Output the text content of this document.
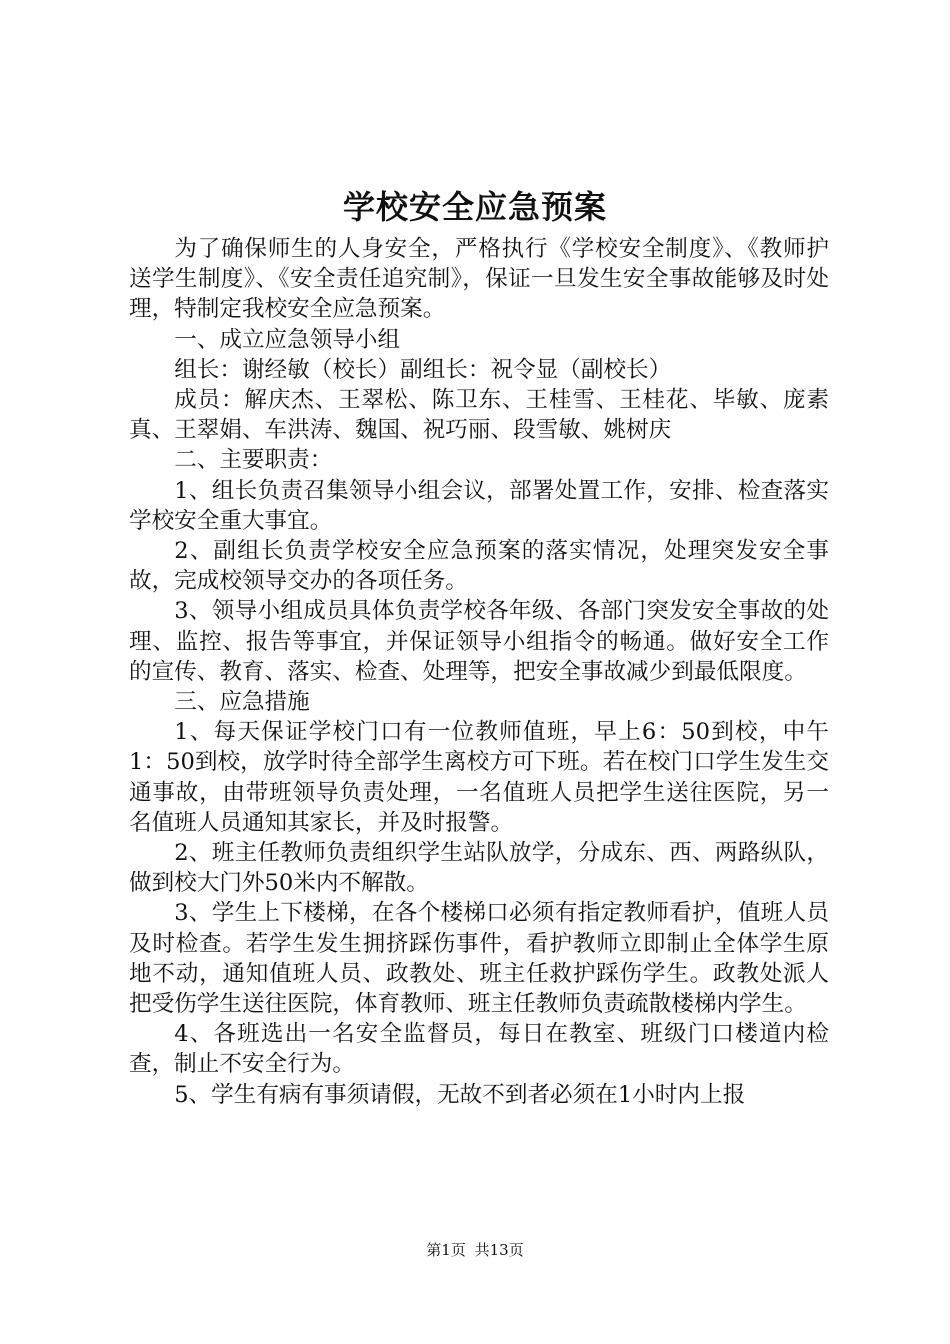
学校安全应急预案

为了确保师生的人身安全，严格执行《学校安全制度》、《教师护送学生制度》、《安全责任追究制》，保证一旦发生安全事故能够及时处理，特制定我校安全应急预案。

一、成立应急领导小组

组长：谢经敏（校长）副组长：祝令显（副校长）

成员：解庆杰、王翠松、陈卫东、王桂雪、王桂花、毕敏、庞素真、王翠娟、车洪涛、魏国、祝巧丽、段雪敏、姚树庆

二、主要职责：

1、组长负责召集领导小组会议，部署处置工作，安排、检查落实学校安全重大事宜。

2、副组长负责学校安全应急预案的落实情况，处理突发安全事故，完成校领导交办的各项任务。

3、领导小组成员具体负责学校各年级、各部门突发安全事故的处理、监控、报告等事宜，并保证领导小组指令的畅通。做好安全工作的宣传、教育、落实、检查、处理等，把安全事故减少到最低限度。

三、应急措施

1、每天保证学校门口有一位教师值班，早上6：50到校，中午1：50到校，放学时待全部学生离校方可下班。若在校门口学生发生交通事故，由带班领导负责处理，一名值班人员把学生送往医院，另一名值班人员通知其家长，并及时报警。

2、班主任教师负责组织学生站队放学，分成东、西、两路纵队，做到校大门外50米内不解散。

3、学生上下楼梯，在各个楼梯口必须有指定教师看护，值班人员及时检查。若学生发生拥挤踩伤事件，看护教师立即制止全体学生原地不动，通知值班人员、政教处、班主任救护踩伤学生。政教处派人把受伤学生送往医院，体育教师、班主任教师负责疏散楼梯内学生。

4、各班选出一名安全监督员，每日在教室、班级门口楼道内检查，制止不安全行为。

5、学生有病有事须请假，无故不到者必须在1小时内上报

第1页 共13页
